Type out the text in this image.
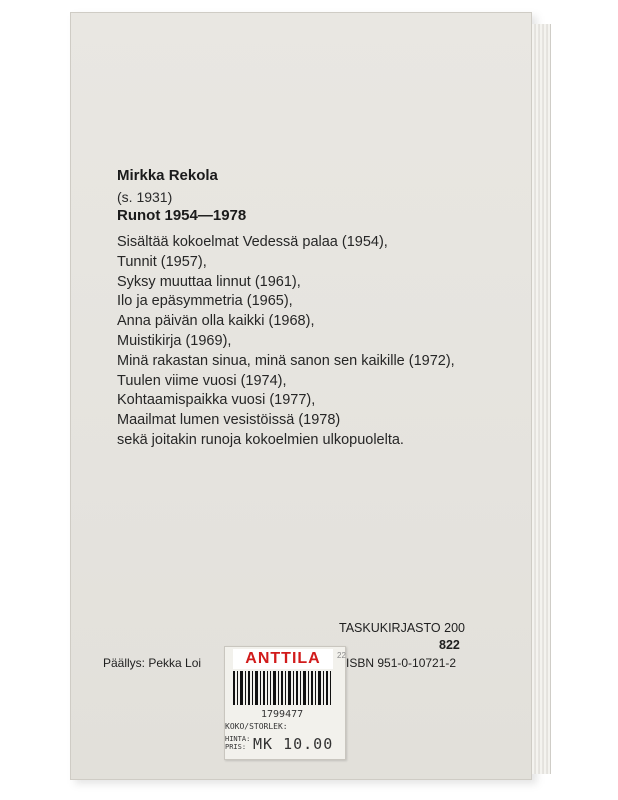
Mirkka Rekola
(s. 1931)
Runot 1954—1978
Sisältää kokoelmat Vedessä palaa (1954),
Tunnit (1957),
Syksy muuttaa linnut (1961),
Ilo ja epäsymmetria (1965),
Anna päivän olla kaikki (1968),
Muistikirja (1969),
Minä rakastan sinua, minä sanon sen kaikille (1972),
Tuulen viime vuosi (1974),
Kohtaamispaikka vuosi (1977),
Maailmat lumen vesistöissä (1978)
sekä joitakin runoja kokoelmien ulkopuolelta.
TASKUKIRJASTO 200
822
Päällys: Pekka Loi	ISBN 951-0-10721-2
ANTTILA	22
1799477
KOKO/STORLEK:
HINTA:
PRIS: MK 10.00
